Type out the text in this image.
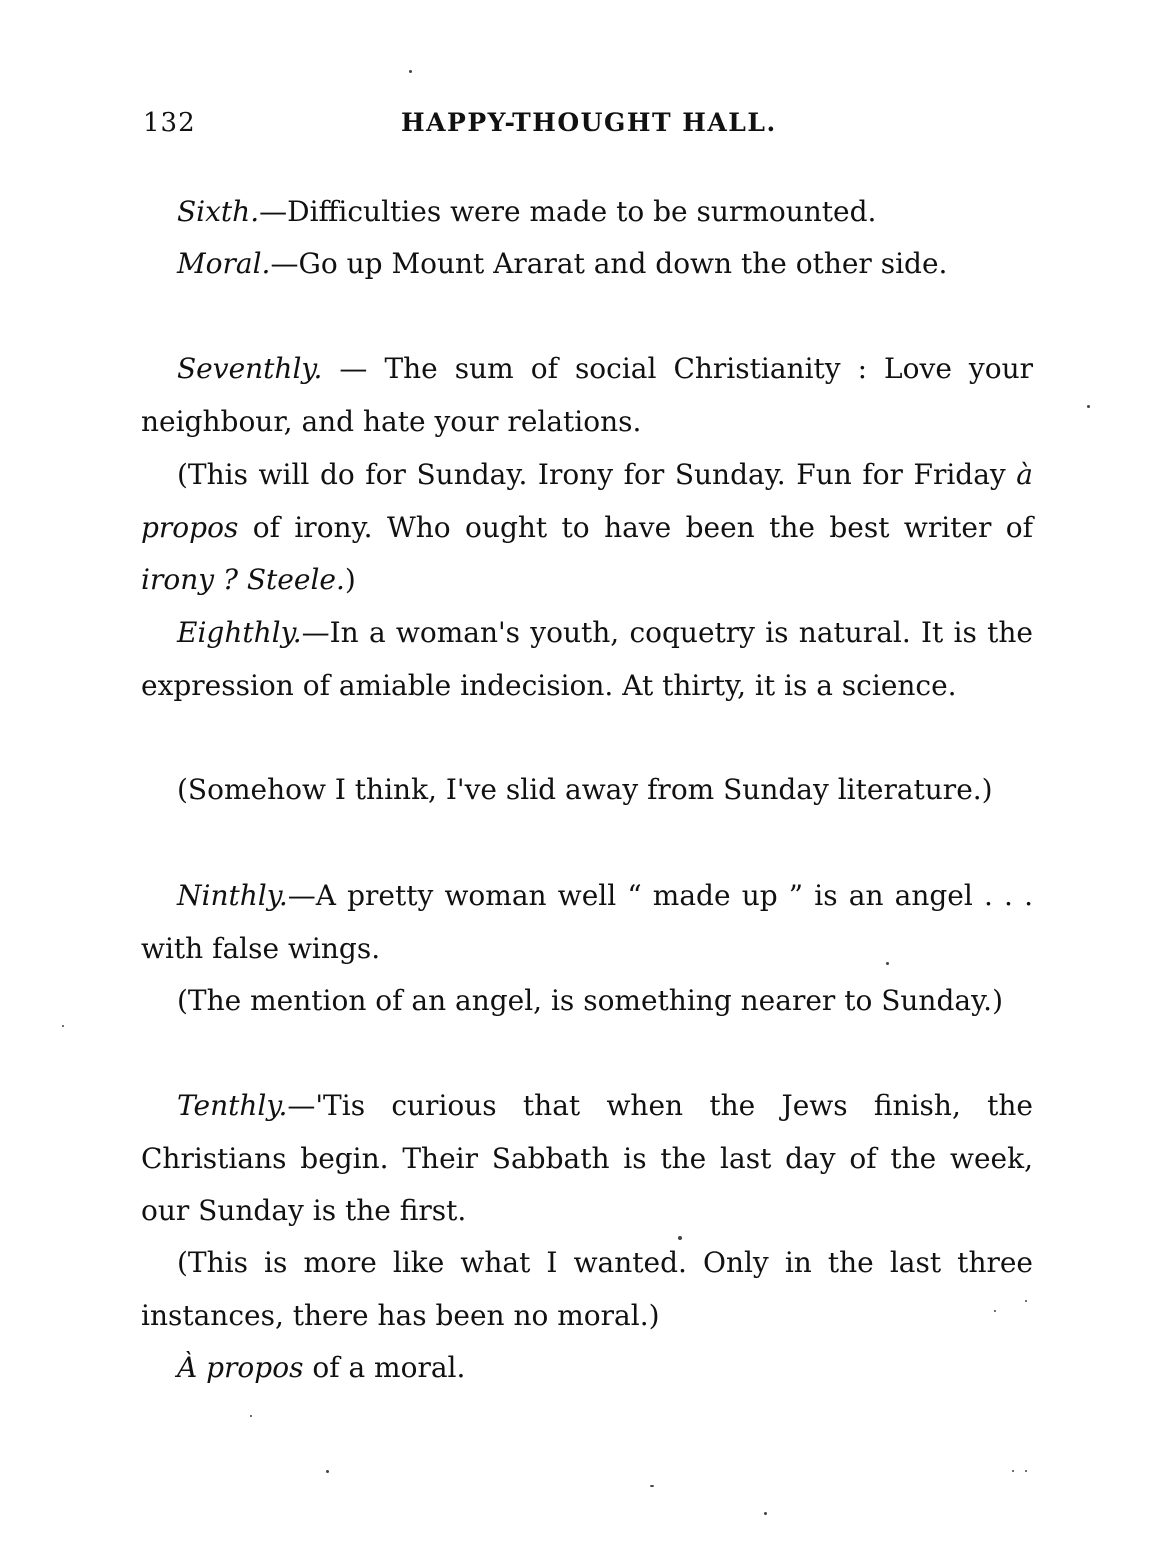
132	HAPPY-THOUGHT HALL.

Sixth.—Difficulties were made to be surmounted.

Moral.—Go up Mount Ararat and down the other side.

Seventhly. — The sum of social Christianity : Love your neighbour, and hate your relations.

(This will do for Sunday. Irony for Sunday. Fun for Friday à propos of irony. Who ought to have been the best writer of irony ? Steele.)

Eighthly.—In a woman's youth, coquetry is natural. It is the expression of amiable indecision. At thirty, it is a science.

(Somehow I think, I've slid away from Sunday literature.)

Ninthly.—A pretty woman well “ made up ” is an angel . . . with false wings.

(The mention of an angel, is something nearer to Sunday.)

Tenthly.—'Tis curious that when the Jews finish, the Christians begin. Their Sabbath is the last day of the week, our Sunday is the first.

(This is more like what I wanted. Only in the last three instances, there has been no moral.)

À propos of a moral.
